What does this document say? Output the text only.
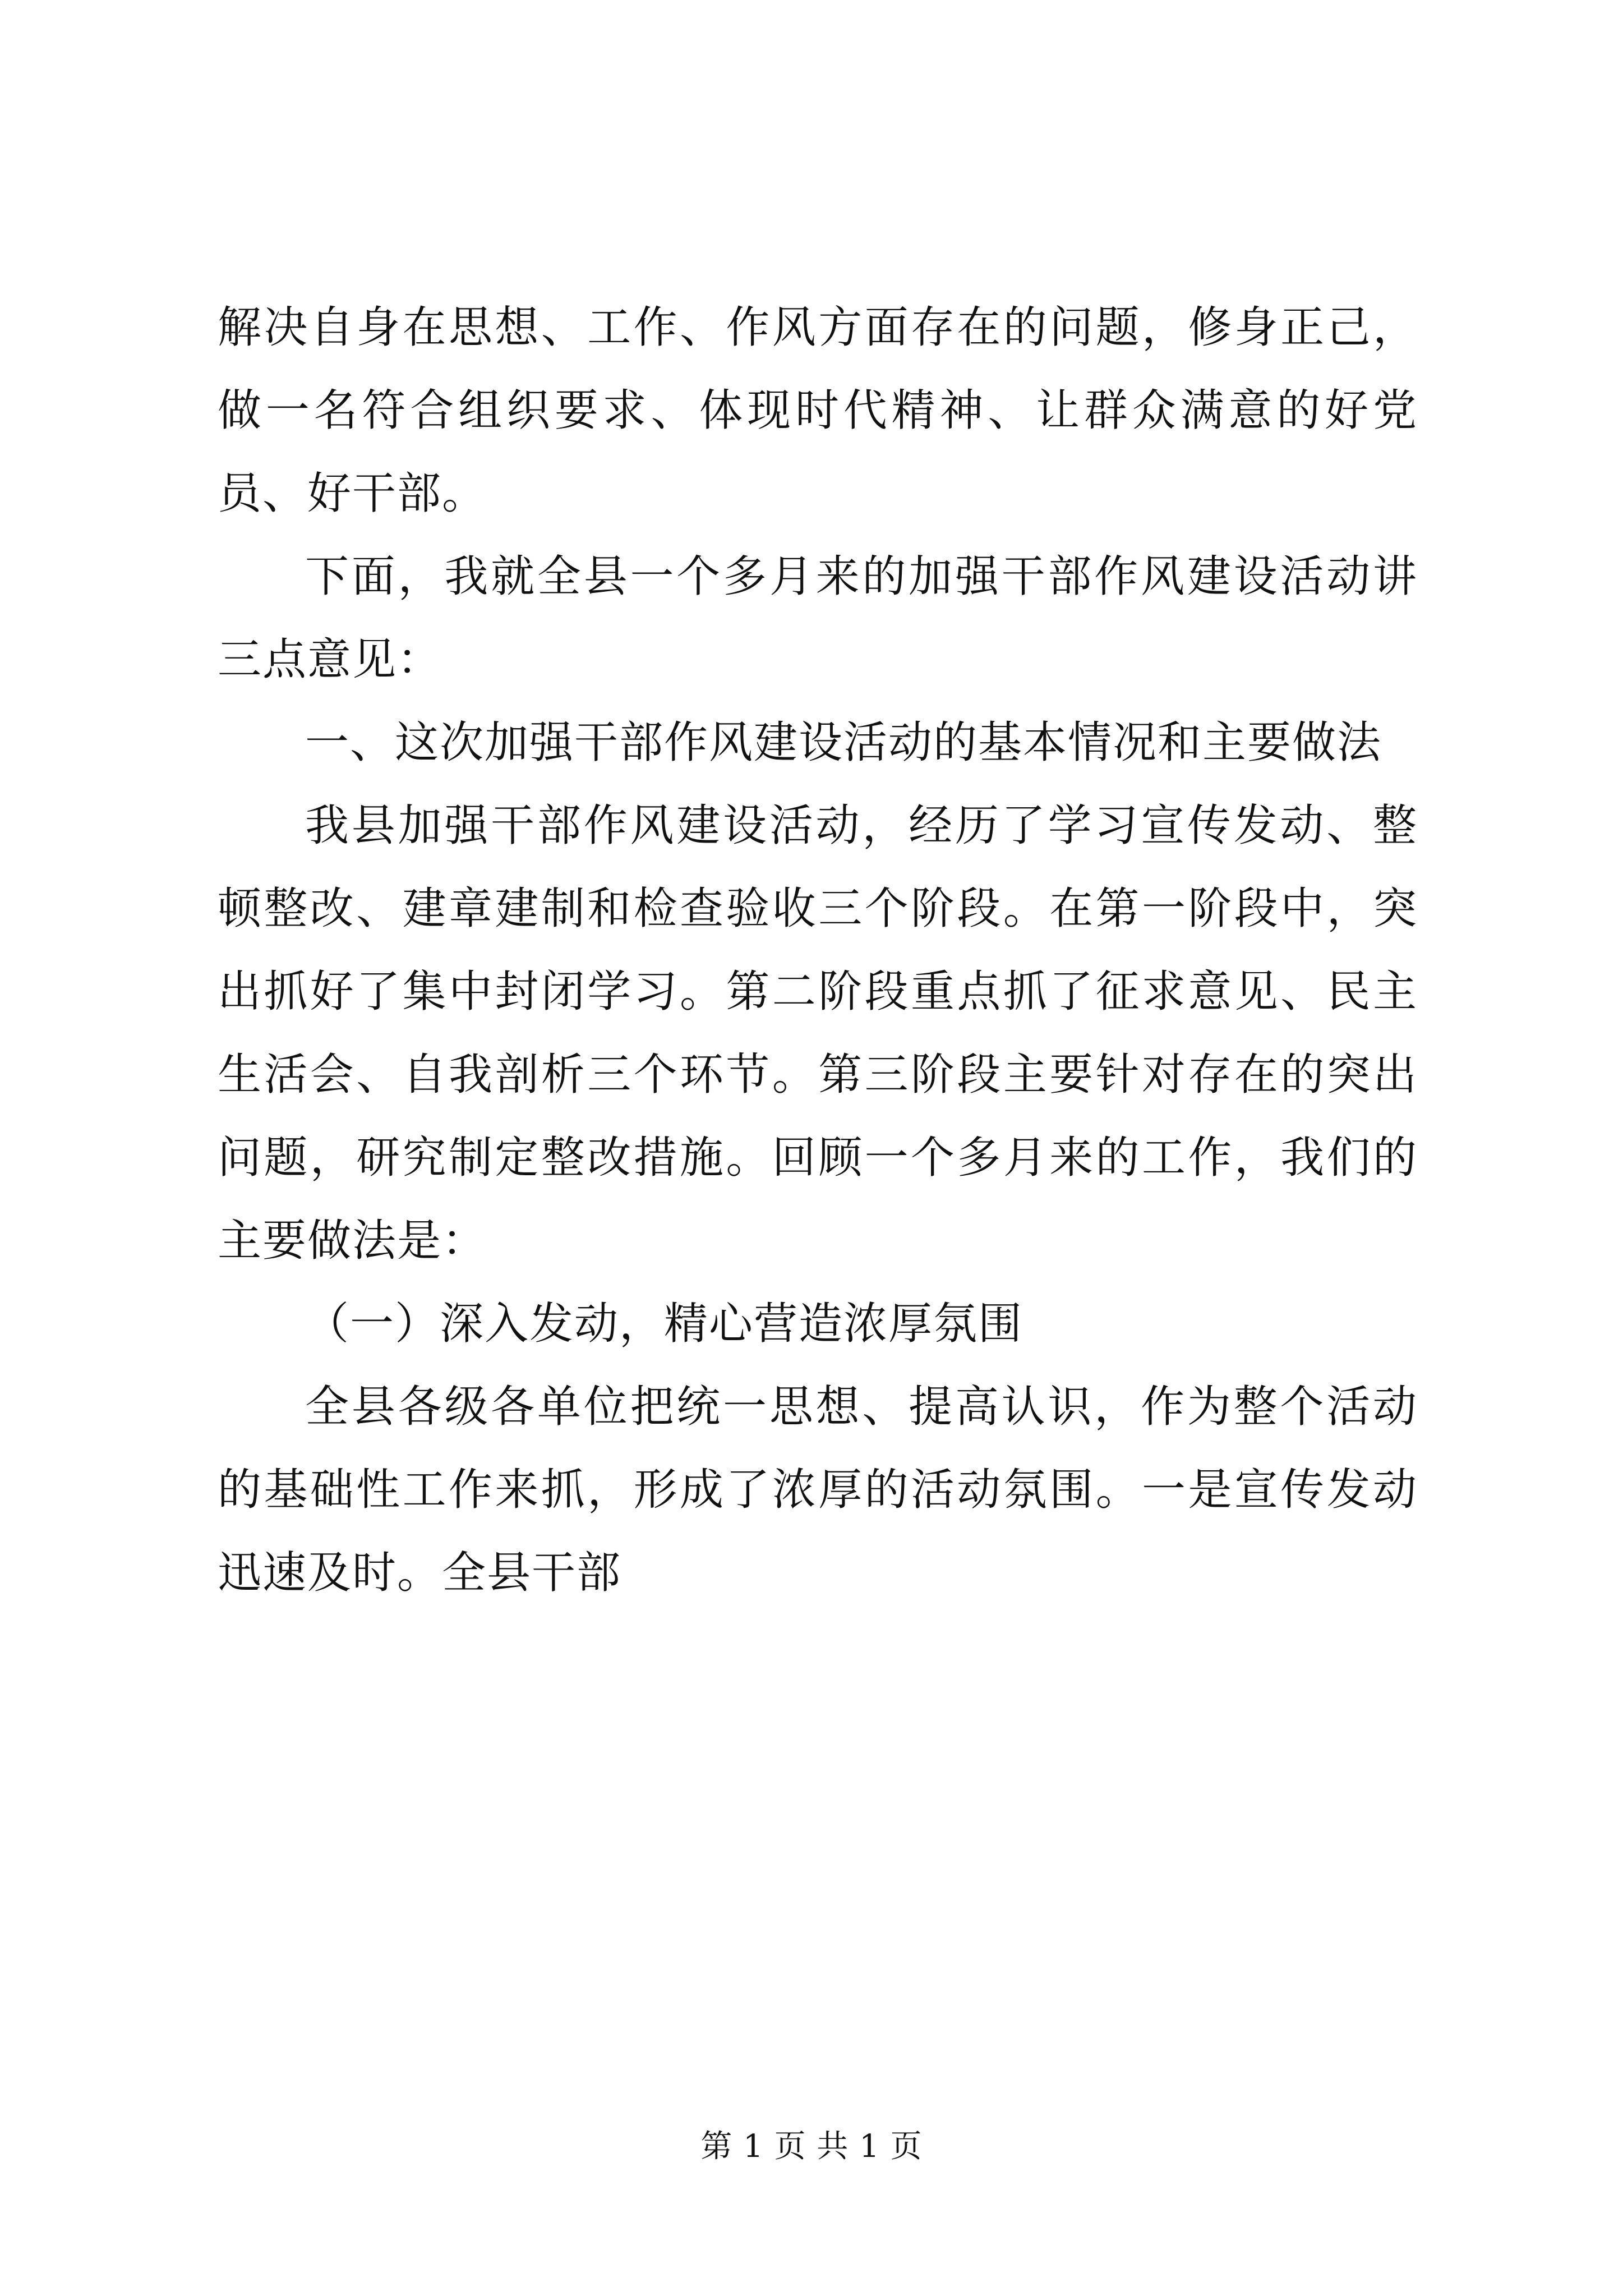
解决自身在思想、工作、作风方面存在的问题，修身正己，做一名符合组织要求、体现时代精神、让群众满意的好党员、好干部。

下面，我就全县一个多月来的加强干部作风建设活动讲三点意见：

一、这次加强干部作风建设活动的基本情况和主要做法

我县加强干部作风建设活动，经历了学习宣传发动、整顿整改、建章建制和检查验收三个阶段。在第一阶段中，突出抓好了集中封闭学习。第二阶段重点抓了征求意见、民主生活会、自我剖析三个环节。第三阶段主要针对存在的突出问题，研究制定整改措施。回顾一个多月来的工作，我们的主要做法是：

（一）深入发动，精心营造浓厚氛围

全县各级各单位把统一思想、提高认识，作为整个活动的基础性工作来抓，形成了浓厚的活动氛围。一是宣传发动迅速及时。全县干部

第 1 页 共 1 页
